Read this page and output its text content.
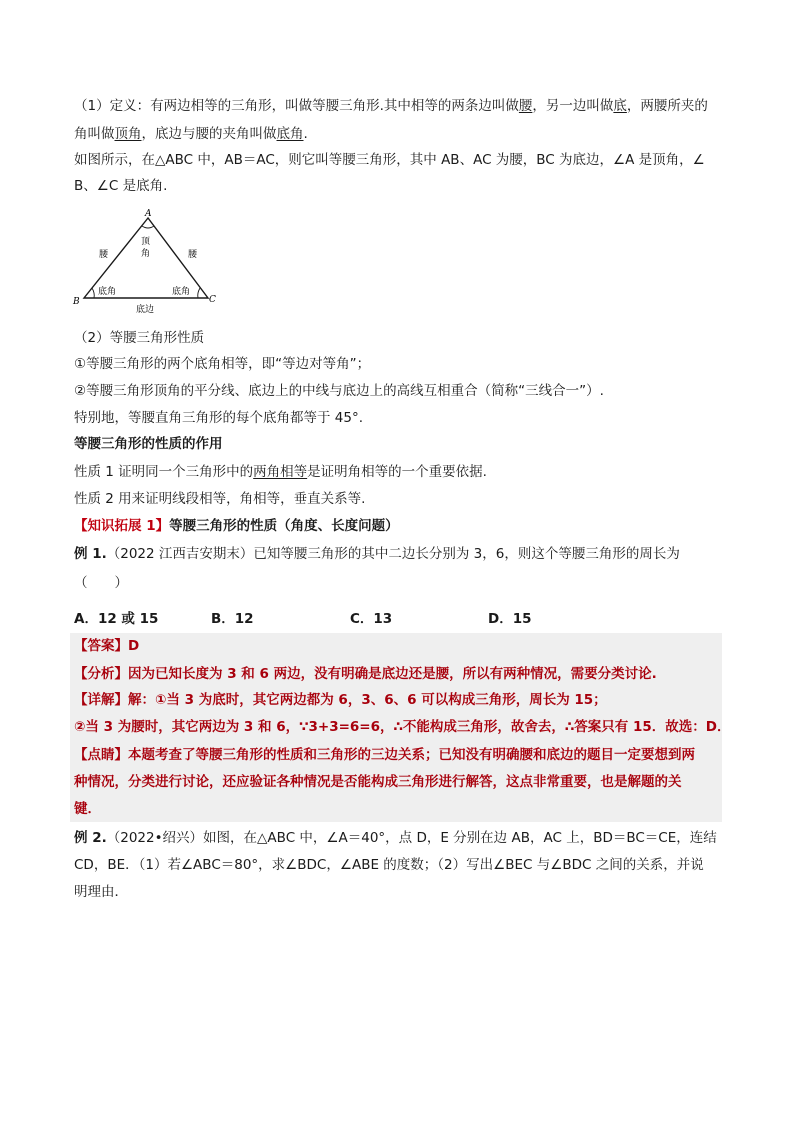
（1）定义：有两边相等的三角形，叫做等腰三角形.其中相等的两条边叫做腰，另一边叫做底，两腰所夹的
角叫做顶角，底边与腰的夹角叫做底角.
如图所示，在△ABC 中，AB＝AC，则它叫等腰三角形，其中 AB、AC 为腰，BC 为底边，∠A 是顶角，∠
B、∠C 是底角.
A
B	C
腰	腰
顶
角
底角	底角
底边
（2）等腰三角形性质
①等腰三角形的两个底角相等，即“等边对等角”；
②等腰三角形顶角的平分线、底边上的中线与底边上的高线互相重合（简称“三线合一”）.
特别地，等腰直角三角形的每个底角都等于 45°.
等腰三角形的性质的作用
性质 1 证明同一个三角形中的两角相等是证明角相等的一个重要依据.
性质 2 用来证明线段相等，角相等，垂直关系等.
【知识拓展 1】等腰三角形的性质（角度、长度问题）
例 1.（2022 江西吉安期末）已知等腰三角形的其中二边长分别为 3，6，则这个等腰三角形的周长为
（　　）
A．12 或 15	B．12	C．13	D．15
【答案】D
【分析】因为已知长度为 3 和 6 两边，没有明确是底边还是腰，所以有两种情况，需要分类讨论.
【详解】解：①当 3 为底时，其它两边都为 6，3、6、6 可以构成三角形，周长为 15；
②当 3 为腰时，其它两边为 3 和 6，∵3+3=6=6，∴不能构成三角形，故舍去，∴答案只有 15．故选：D．
【点睛】本题考查了等腰三角形的性质和三角形的三边关系；已知没有明确腰和底边的题目一定要想到两
种情况，分类进行讨论，还应验证各种情况是否能构成三角形进行解答，这点非常重要，也是解题的关
键．
例 2.（2022•绍兴）如图，在△ABC 中，∠A＝40°，点 D，E 分别在边 AB，AC 上，BD＝BC＝CE，连结
CD，BE．（1）若∠ABC＝80°，求∠BDC，∠ABE 的度数；（2）写出∠BEC 与∠BDC 之间的关系，并说
明理由．
